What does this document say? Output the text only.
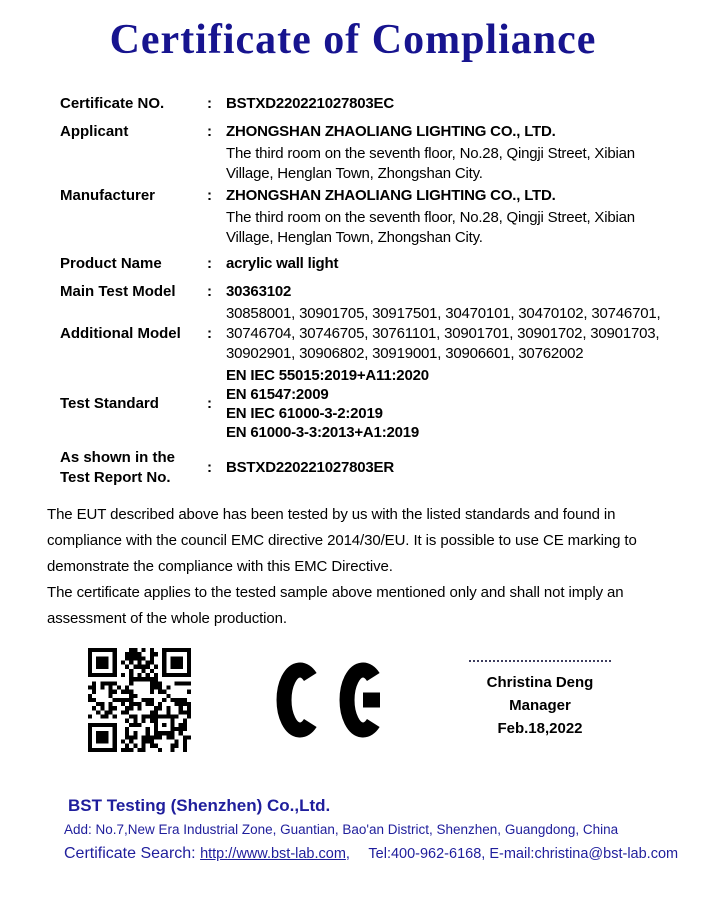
Certificate of Compliance
Certificate NO.	: BSTXD220221027803EC
Applicant	: ZHONGSHAN ZHAOLIANG LIGHTING CO., LTD.
The third room on the seventh floor, No.28, Qingji Street, Xibian Village, Henglan Town, Zhongshan City.
Manufacturer	: ZHONGSHAN ZHAOLIANG LIGHTING CO., LTD.
The third room on the seventh floor, No.28, Qingji Street, Xibian Village, Henglan Town, Zhongshan City.
Product Name	: acrylic wall light
Main Test Model	: 30363102
Additional Model	:
30858001, 30901705, 30917501, 30470101, 30470102, 30746701,
30746704, 30746705, 30761101, 30901701, 30901702, 30901703,
30902901, 30906802, 30919001, 30906601, 30762002
Test Standard	:
EN IEC 55015:2019+A11:2020
EN 61547:2009
EN IEC 61000-3-2:2019
EN 61000-3-3:2013+A1:2019
As shown in the
Test Report No.
: BSTXD220221027803ER
The EUT described above has been tested by us with the listed standards and found in compliance with the council EMC directive 2014/30/EU. It is possible to use CE marking to demonstrate the compliance with this EMC Directive.
The certificate applies to the tested sample above mentioned only and shall not imply an assessment of the whole production.
Christina Deng
Manager
Feb.18,2022
BST Testing (Shenzhen) Co.,Ltd.
Add: No.7,New Era Industrial Zone, Guantian, Bao'an District, Shenzhen, Guangdong, China
Certificate Search: http://www.bst-lab.com, Tel:400-962-6168, E-mail:christina@bst-lab.com
